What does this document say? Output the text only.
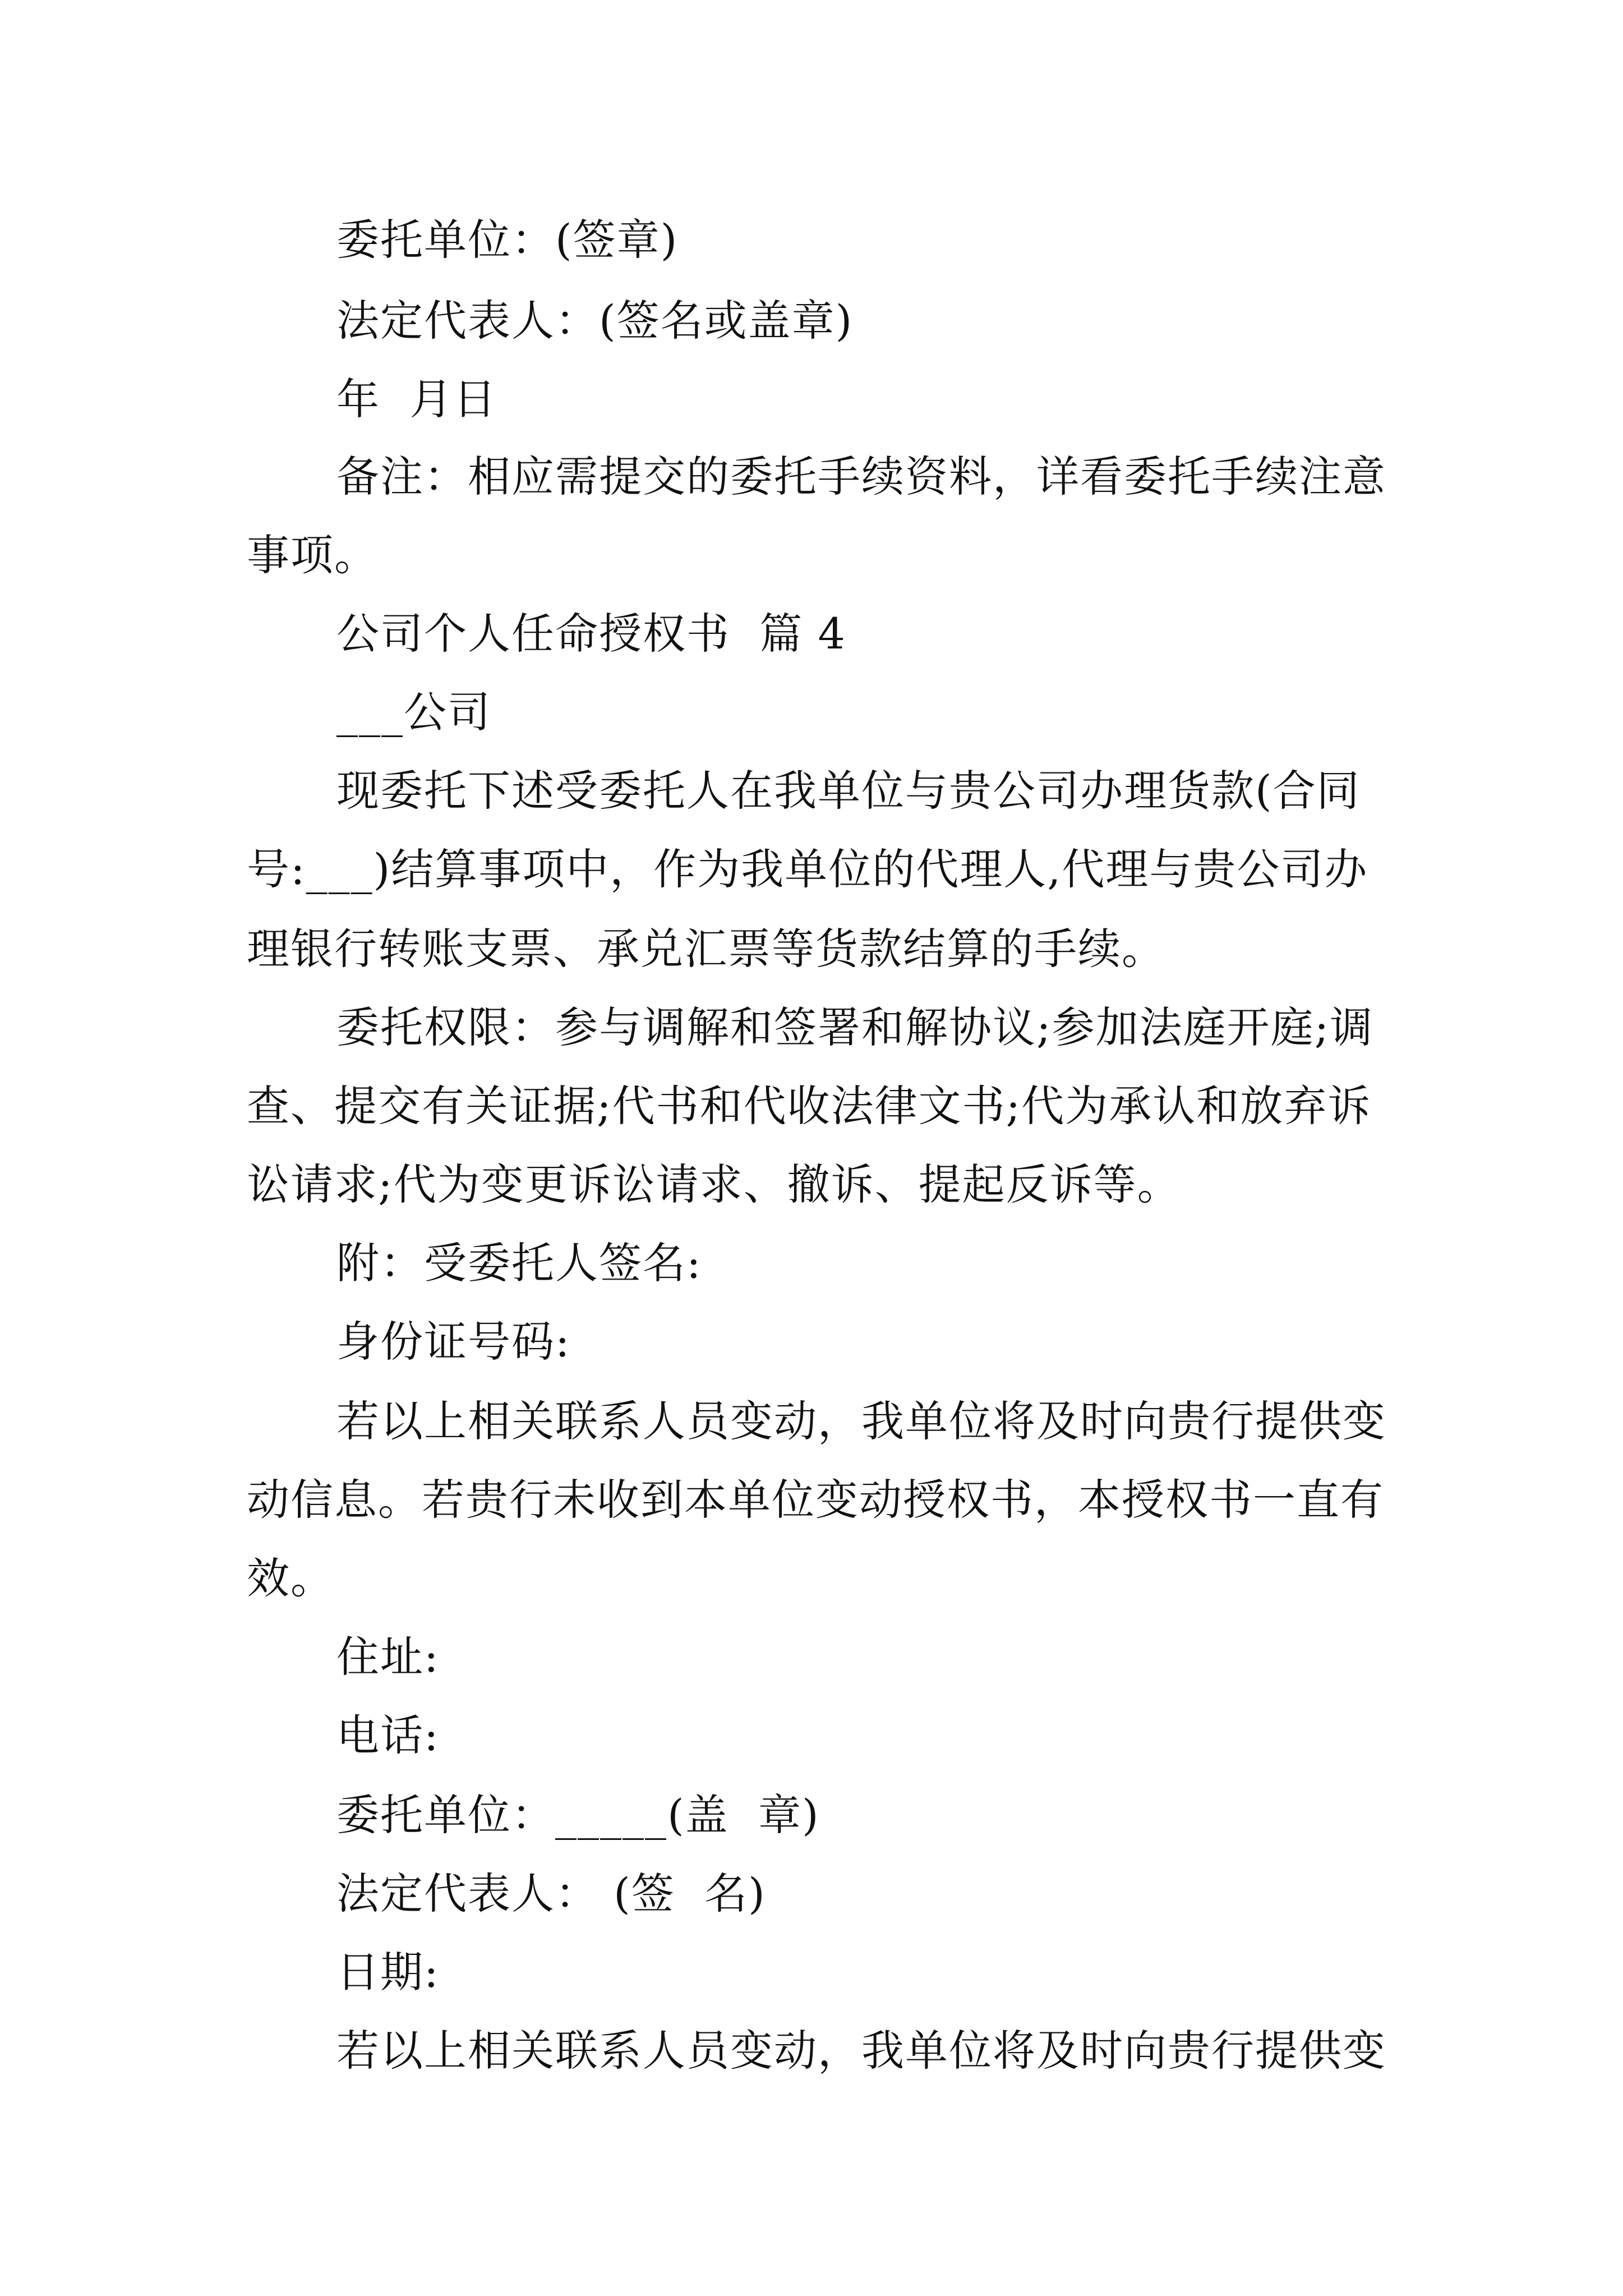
委托单位：(签章)

法定代表人：(签名或盖章)

年  月日

备注：相应需提交的委托手续资料，详看委托手续注意

事项。

公司个人任命授权书  篇 4

___公司

现委托下述受委托人在我单位与贵公司办理货款(合同

号:___)结算事项中，作为我单位的代理人,代理与贵公司办

理银行转账支票、承兑汇票等货款结算的手续。

委托权限：参与调解和签署和解协议;参加法庭开庭;调

查、提交有关证据;代书和代收法律文书;代为承认和放弃诉

讼请求;代为变更诉讼请求、撤诉、提起反诉等。

附：受委托人签名:

身份证号码:

若以上相关联系人员变动，我单位将及时向贵行提供变

动信息。若贵行未收到本单位变动授权书，本授权书一直有

效。

住址:

电话:

委托单位：_____(盖  章)

法定代表人： (签  名)

日期:

若以上相关联系人员变动，我单位将及时向贵行提供变
